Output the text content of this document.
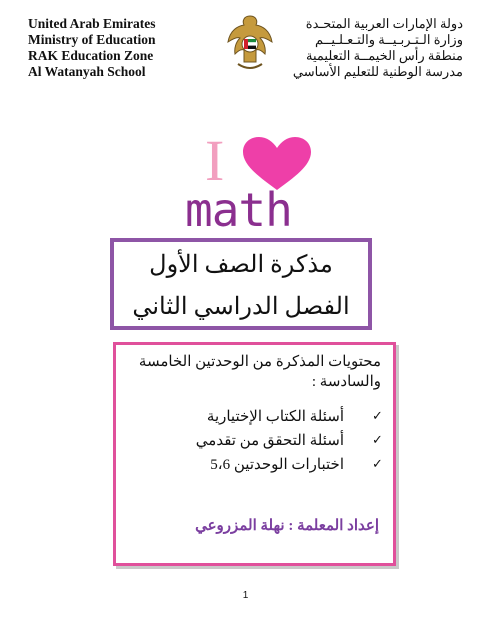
United Arab Emirates
Ministry of Education
RAK Education Zone
Al Watanyah School
دولة الإمارات العربية المتحـدة
وزارة الـتـربـيــة والتـعـلـيــم
منطقة رأس الخيمــة التعليمية
مدرسة الوطنية للتعليم الأساسي
I
math
مذكرة الصف الأول
الفصل الدراسي الثاني
محتويات المذكرة من الوحدتين الخامسة والسادسة :
✓
أسئلة الكتاب الإختيارية
✓
أسئلة التحقق من تقدمي
✓
اختبارات الوحدتين 5،6
إعداد المعلمة : نهلة المزروعي
1
